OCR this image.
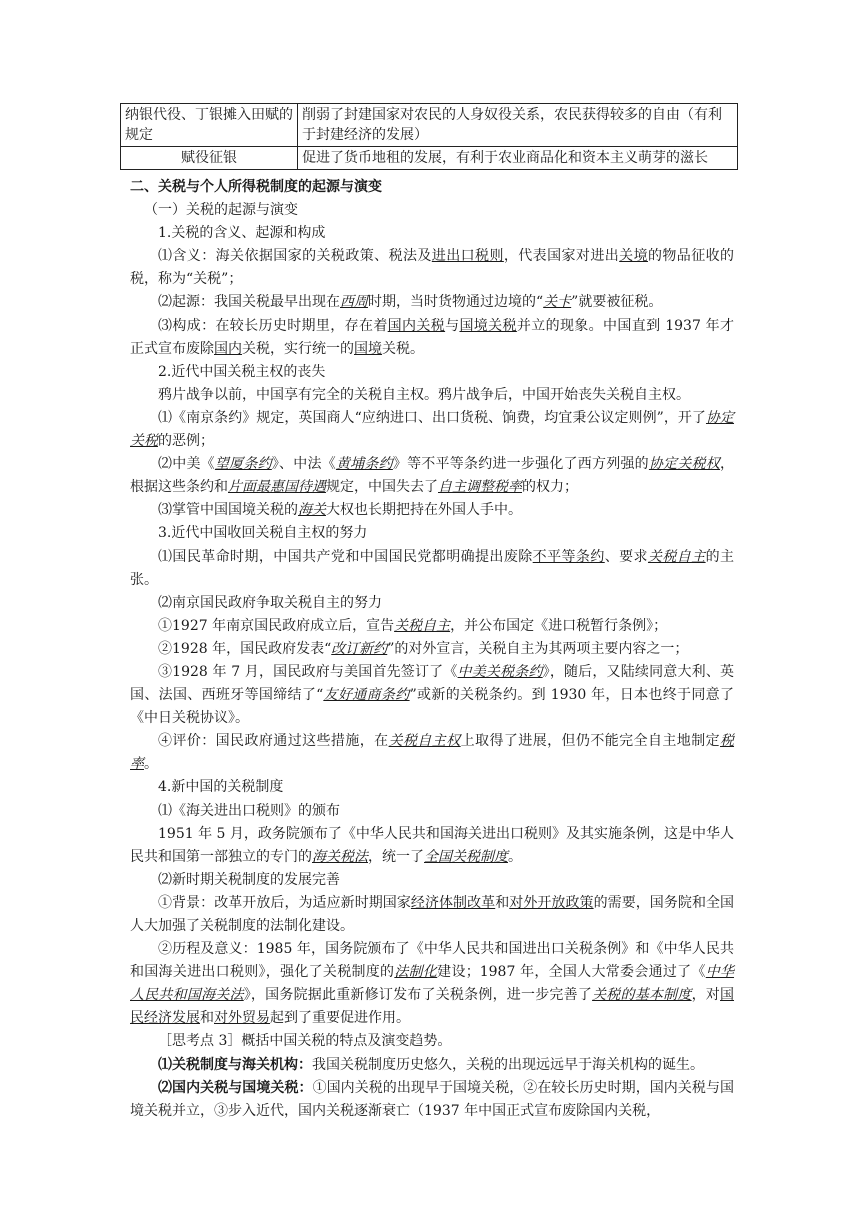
纳银代役、丁银摊入田赋的规定	削弱了封建国家对农民的人身奴役关系，农民获得较多的自由（有利于封建经济的发展）
赋役征银	促进了货币地租的发展，有利于农业商品化和资本主义萌芽的滋长

二、关税与个人所得税制度的起源与演变

（一）关税的起源与演变

1.关税的含义、起源和构成

⑴含义：海关依据国家的关税政策、税法及进出口税则，代表国家对进出关境的物品征收的税，称为“关税”；

⑵起源：我国关税最早出现在西周时期，当时货物通过边境的“关卡”就要被征税。

⑶构成：在较长历史时期里，存在着国内关税与国境关税并立的现象。中国直到 1937 年才正式宣布废除国内关税，实行统一的国境关税。

2.近代中国关税主权的丧失

鸦片战争以前，中国享有完全的关税自主权。鸦片战争后，中国开始丧失关税自主权。

⑴《南京条约》规定，英国商人“应纳进口、出口货税、饷费，均宜秉公议定则例”，开了协定关税的恶例；

⑵中美《望厦条约》、中法《黄埔条约》等不平等条约进一步强化了西方列强的协定关税权，根据这些条约和片面最惠国待遇规定，中国失去了自主调整税率的权力；

⑶掌管中国国境关税的海关大权也长期把持在外国人手中。

3.近代中国收回关税自主权的努力

⑴国民革命时期，中国共产党和中国国民党都明确提出废除不平等条约、要求关税自主的主张。

⑵南京国民政府争取关税自主的努力

①1927 年南京国民政府成立后，宣告关税自主，并公布国定《进口税暂行条例》；

②1928 年，国民政府发表“改订新约”的对外宣言，关税自主为其两项主要内容之一；

③1928 年 7 月，国民政府与美国首先签订了《中美关税条约》，随后，又陆续同意大利、英国、法国、西班牙等国缔结了“友好通商条约”或新的关税条约。到 1930 年，日本也终于同意了《中日关税协议》。

④评价：国民政府通过这些措施，在关税自主权上取得了进展，但仍不能完全自主地制定税率。

4.新中国的关税制度

⑴《海关进出口税则》的颁布

1951 年 5 月，政务院颁布了《中华人民共和国海关进出口税则》及其实施条例，这是中华人民共和国第一部独立的专门的海关税法，统一了全国关税制度。

⑵新时期关税制度的发展完善

①背景：改革开放后，为适应新时期国家经济体制改革和对外开放政策的需要，国务院和全国人大加强了关税制度的法制化建设。

②历程及意义：1985 年，国务院颁布了《中华人民共和国进出口关税条例》和《中华人民共和国海关进出口税则》，强化了关税制度的法制化建设；1987 年，全国人大常委会通过了《中华人民共和国海关法》，国务院据此重新修订发布了关税条例，进一步完善了关税的基本制度，对国民经济发展和对外贸易起到了重要促进作用。

［思考点 3］概括中国关税的特点及演变趋势。

⑴关税制度与海关机构：我国关税制度历史悠久，关税的出现远远早于海关机构的诞生。

⑵国内关税与国境关税：①国内关税的出现早于国境关税，②在较长历史时期，国内关税与国境关税并立，③步入近代，国内关税逐渐衰亡（1937 年中国正式宣布废除国内关税，
